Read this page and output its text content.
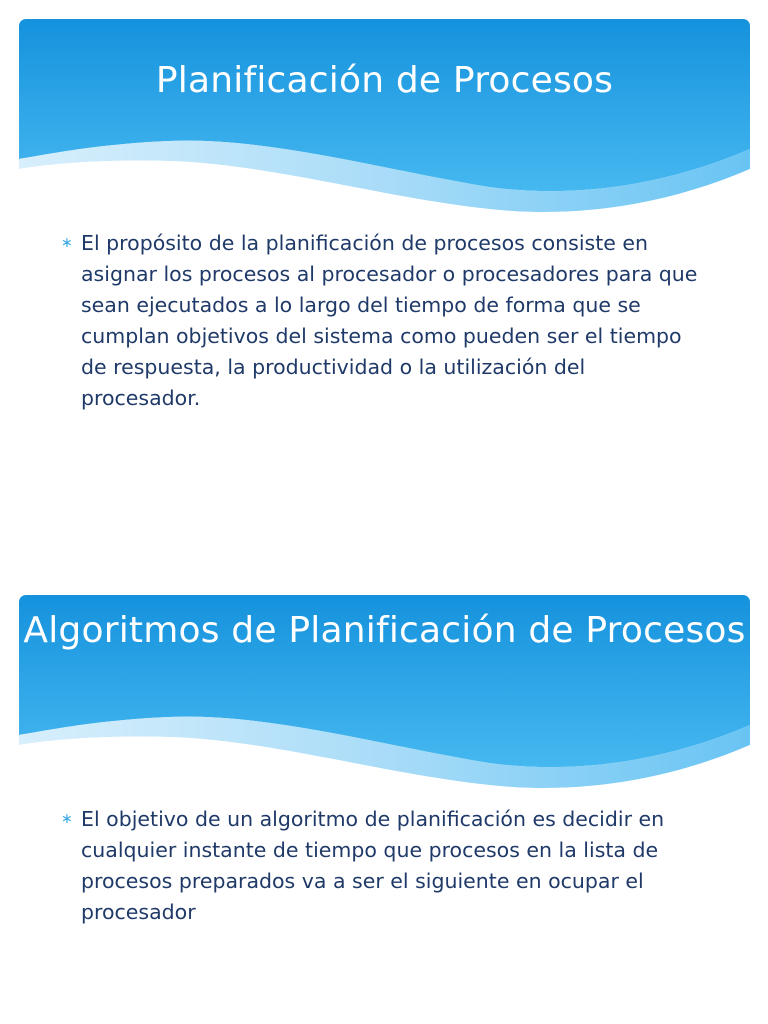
Planificación de Procesos
∗ El propósito de la planificación de procesos consiste en asignar los procesos al procesador o procesadores para que sean ejecutados a lo largo del tiempo de forma que se cumplan objetivos del sistema como pueden ser el tiempo de respuesta, la productividad o la utilización del procesador.
Algoritmos de Planificación de Procesos
∗ El objetivo de un algoritmo de planificación es decidir en cualquier instante de tiempo que procesos en la lista de procesos preparados va a ser el siguiente en ocupar el procesador
